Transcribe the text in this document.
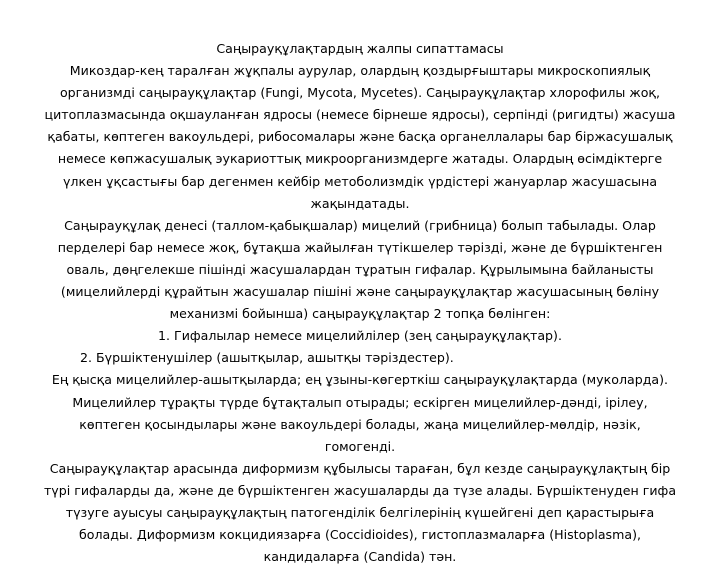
Саңырауқұлақтардың жалпы сипаттамасы
Микоздар-кең таралған жұқпалы аурулар, олардың қоздырғыштары микроскопиялық
организмді саңырауқұлақтар (Fungi, Mycota, Mycetes). Саңырауқұлақтар хлорофилы жоқ,
цитоплазмасында оқшауланған ядросы (немесе бірнеше ядросы), серпінді (ригидты) жасуша
қабаты, көптеген вакоульдері, рибосомалары және басқа органеллалары бар біржасушалық
немесе көпжасушалық эукариоттық микроорганизмдерге жатады. Олардың өсімдіктерге
үлкен ұқсастығы бар дегенмен кейбір метоболизмдік үрдістері жануарлар жасушасына
жақындатады.
Саңырауқұлақ денесі (таллом-қабықшалар) мицелий (грибница) болып табылады. Олар
перделері бар немесе жоқ, бұтақша жайылған түтікшелер тәрізді, және де бүршіктенген
оваль, дөңгелекше пішінді жасушалардан тұратын гифалар. Құрылымына байланысты
(мицелийлерді құрайтын жасушалар пішіні және саңырауқұлақтар жасушасының бөліну
механизмі бойынша) саңырауқұлақтар 2 топқа бөлінген:
1. Гифалылар немесе мицелийлілер (зең саңырауқұлақтар).
2. Бүршіктенушілер (ашытқылар, ашытқы тәріздестер).
Ең қысқа мицелийлер-ашытқыларда; ең ұзыны-көгерткіш саңырауқұлақтарда (муколарда).
Мицелийлер тұрақты түрде бұтақталып отырады; ескірген мицелийлер-дәнді, ірілеу,
көптеген қосындылары және вакоульдері болады, жаңа мицелийлер-мөлдір, нәзік,
гомогенді.
Саңырауқұлақтар арасында диформизм құбылысы тараған, бұл кезде саңырауқұлақтың бір
түрі гифаларды да, және де бүршіктенген жасушаларды да түзе алады. Бүршіктенуден гифа
түзуге ауысуы саңырауқұлақтың патогенділік белгілерінің күшейгені деп қарастырыға
болады. Диформизм кокцидиязарға (Coccidioides), гистоплазмаларға (Histoplasma),
кандидаларға (Candida) тән.
